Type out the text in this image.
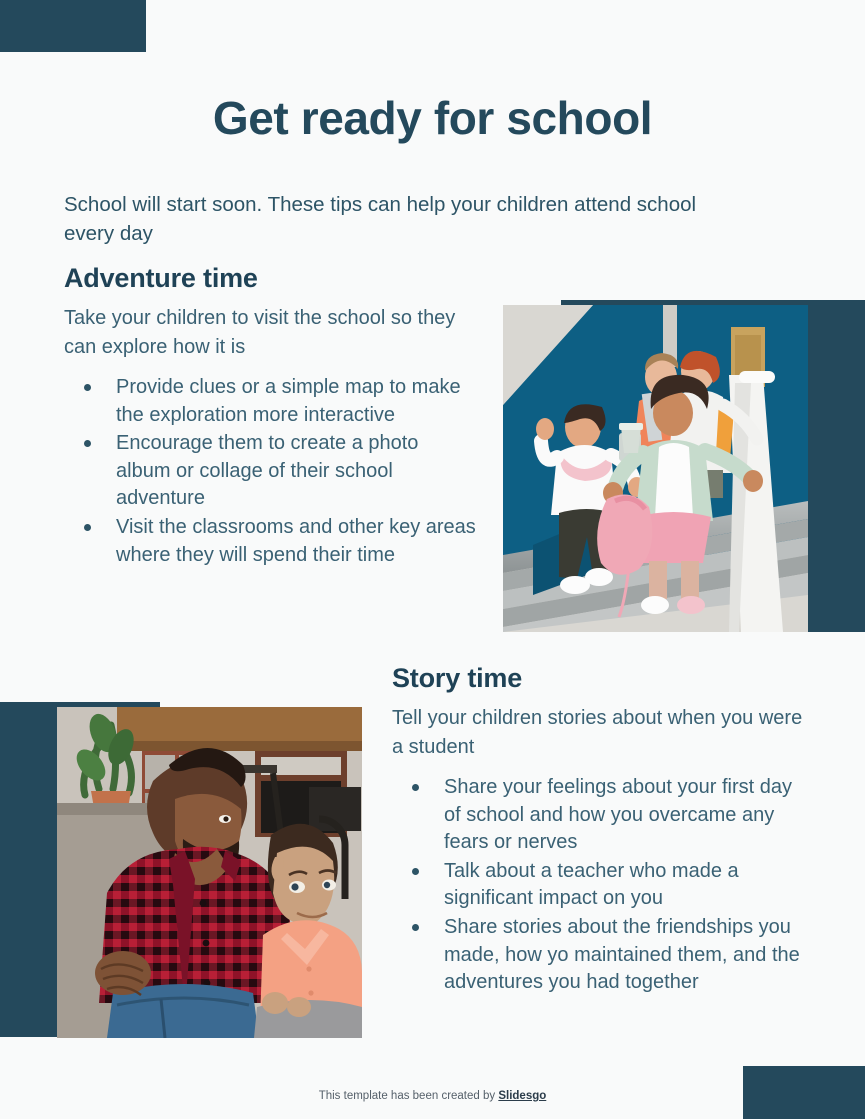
Get ready for school

School will start soon. These tips can help your children attend school every day

Adventure time
Take your children to visit the school so they can explore how it is
Provide clues or a simple map to make the exploration more interactive
Encourage them to create a photo album or collage of their school adventure
Visit the classrooms and other key areas where they will spend their time
Story time
Tell your children stories about when you were a student
Share your feelings about your first day of school and how you overcame any fears or nerves
Talk about a teacher who made a significant impact on you
Share stories about the friendships you made, how yo maintained them, and the adventures you had together
This template has been created by Slidesgo
